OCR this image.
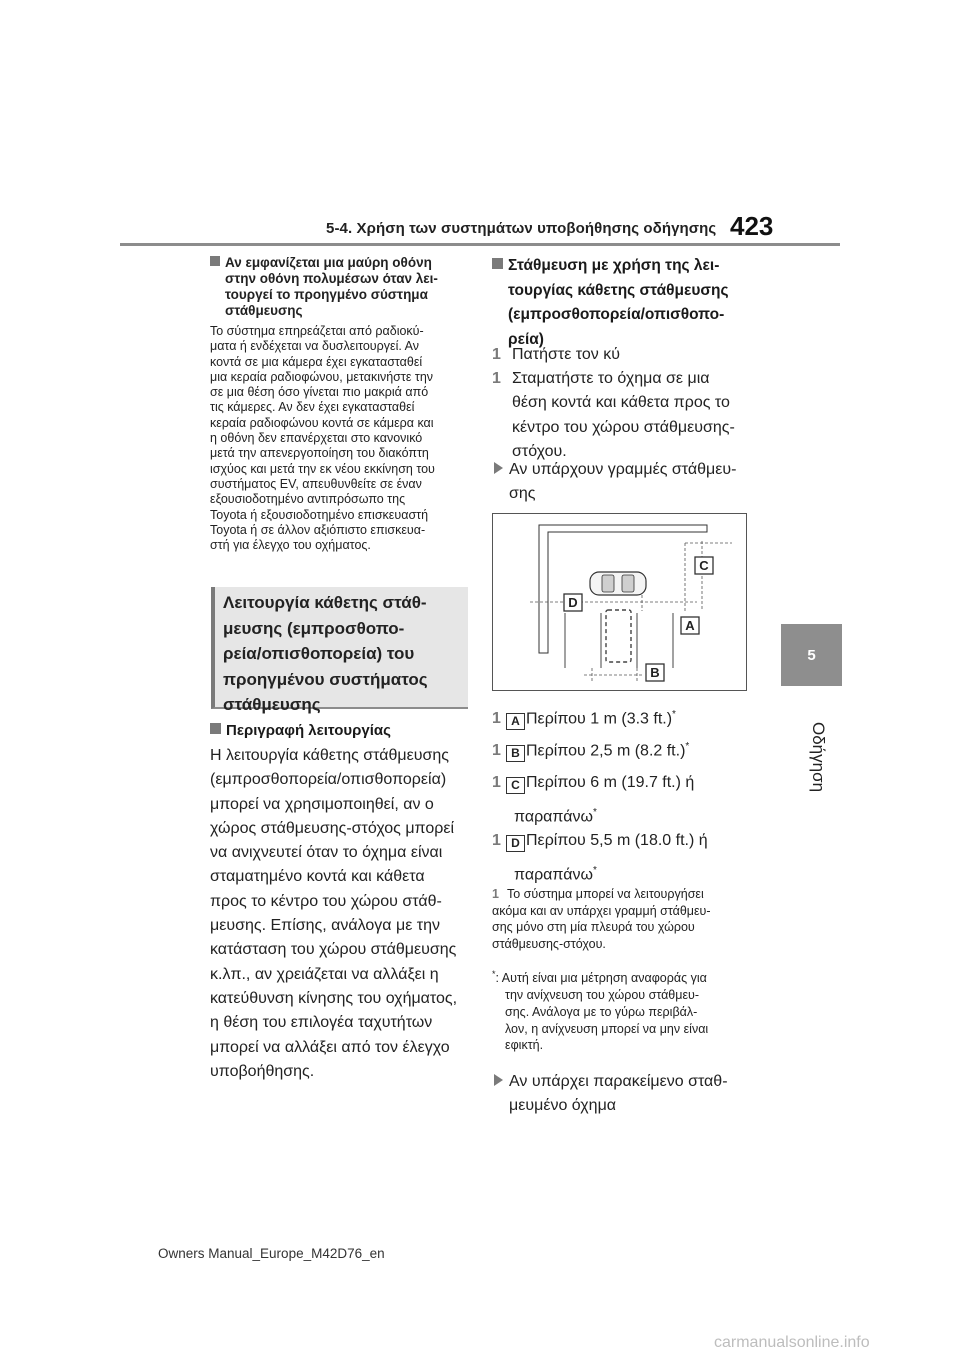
5-4. Χρήση των συστημάτων υποβοήθησης οδήγησης 423
5
Οδήγηση
Αν εμφανίζεται μια μαύρη οθόνη
στην οθόνη πολυμέσων όταν λει-
τουργεί το προηγμένο σύστημα
στάθμευσης
Το σύστημα επηρεάζεται από ραδιοκύ-
ματα ή ενδέχεται να δυσλειτουργεί. Αν
κοντά σε μια κάμερα έχει εγκατασταθεί
μια κεραία ραδιοφώνου, μετακινήστε την
σε μια θέση όσο γίνεται πιο μακριά από
τις κάμερες. Αν δεν έχει εγκατασταθεί
κεραία ραδιοφώνου κοντά σε κάμερα και
η οθόνη δεν επανέρχεται στο κανονικό
μετά την απενεργοποίηση του διακόπτη
ισχύος και μετά την εκ νέου εκκίνηση του
συστήματος EV, απευθυνθείτε σε έναν
εξουσιοδοτημένο αντιπρόσωπο της
Toyota ή εξουσιοδοτημένο επισκευαστή
Toyota ή σε άλλον αξιόπιστο επισκευα-
στή για έλεγχο του οχήματος.
Λειτουργία κάθετης στάθ-
μευσης (εμπροσθοπο-
ρεία/οπισθοπορεία) του
προηγμένου συστήματος
στάθμευσης
Περιγραφή λειτουργίας
Η λειτουργία κάθετης στάθμευσης
(εμπροσθοπορεία/οπισθοπορεία)
μπορεί να χρησιμοποιηθεί, αν ο
χώρος στάθμευσης-στόχος μπορεί
να ανιχνευτεί όταν το όχημα είναι
σταματημένο κοντά και κάθετα
προς το κέντρο του χώρου στάθ-
μευσης. Επίσης, ανάλογα με την
κατάσταση του χώρου στάθμευσης
κ.λπ., αν χρειάζεται να αλλάξει η
κατεύθυνση κίνησης του οχήματος,
η θέση του επιλογέα ταχυτήτων
μπορεί να αλλάξει από τον έλεγχο
υποβοήθησης.
Στάθμευση με χρήση της λει-
τουργίας κάθετης στάθμευσης
(εμπροσθοπορεία/οπισθοπο-
ρεία)
1 Πατήστε τον κύ
1 Σταματήστε το όχημα σε μια
θέση κοντά και κάθετα προς το
κέντρο του χώρου στάθμευσης-
στόχου.
Αν υπάρχουν γραμμές στάθμευ-
σης
C
D
A
B
1 A Περίπου 1 m (3.3 ft.)*
1 B Περίπου 2,5 m (8.2 ft.)*
1 C Περίπου 6 m (19.7 ft.) ή
παραπάνω*
1 D Περίπου 5,5 m (18.0 ft.) ή
παραπάνω*
1 Το σύστημα μπορεί να λειτουργήσει
ακόμα και αν υπάρχει γραμμή στάθμευ-
σης μόνο στη μία πλευρά του χώρου
στάθμευσης-στόχου.
*: Αυτή είναι μια μέτρηση αναφοράς για
την ανίχνευση του χώρου στάθμευ-
σης. Ανάλογα με το γύρω περιβάλ-
λον, η ανίχνευση μπορεί να μην είναι
εφικτή.
Αν υπάρχει παρακείμενο σταθ-
μευμένο όχημα
Owners Manual_Europe_M42D76_en
carmanualsonline.info
